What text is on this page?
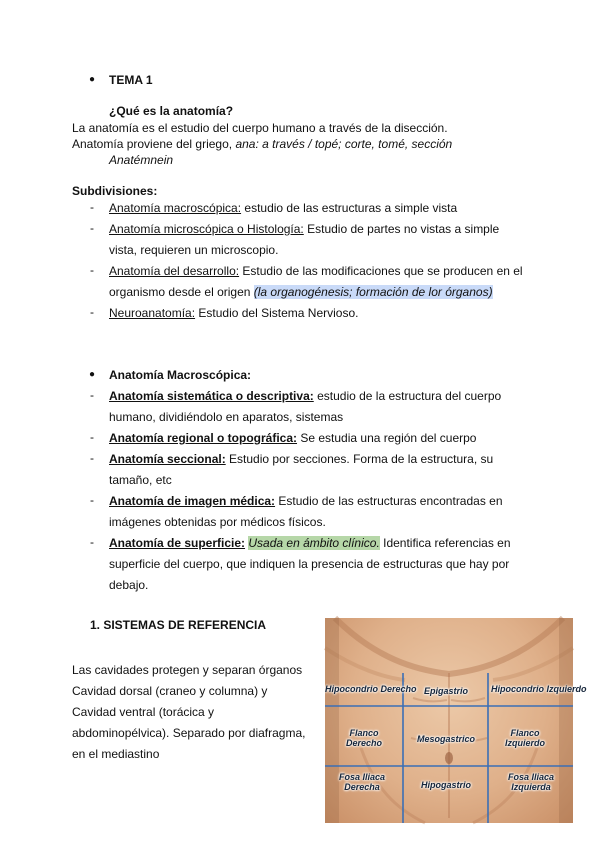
● TEMA 1
¿Qué es la anatomía?
La anatomía es el estudio del cuerpo humano a través de la disección.
Anatomía proviene del griego, ana: a través / topé; corte, tomé, sección
Anatémnein
Subdivisiones:
- Anatomía macroscópica: estudio de las estructuras a simple vista
- Anatomía microscópica o Histología: Estudio de partes no vistas a simple
vista, requieren un microscopio.
- Anatomía del desarrollo: Estudio de las modificaciones que se producen en el
organismo desde el origen (la organogénesis; formación de lor órganos)
- Neuroanatomía: Estudio del Sistema Nervioso.
● Anatomía Macroscópica:
- Anatomía sistemática o descriptiva: estudio de la estructura del cuerpo
humano, dividiéndolo en aparatos, sistemas
- Anatomía regional o topográfica: Se estudia una región del cuerpo
- Anatomía seccional: Estudio por secciones. Forma de la estructura, su
tamaño, etc
- Anatomía de imagen médica: Estudio de las estructuras encontradas en
imágenes obtenidas por médicos físicos.
- Anatomía de superficie: Usada en ámbito clínico. Identifica referencias en
superficie del cuerpo, que indiquen la presencia de estructuras que hay por
debajo.
1. SISTEMAS DE REFERENCIA
Las cavidades protegen y separan órganos
Cavidad dorsal (craneo y columna) y
Cavidad ventral (torácica y
abdominopélvica). Separado por diafragma,
en el mediastino
Hipocondrio Derecho Epigastrio	Hipocondrio Izquierdo
Flanco Derecho	Mesogastrico
Flanco Izquierdo
Fosa Iliaca Derecha	Hipogastrio
Fosa Iliaca Izquierda
